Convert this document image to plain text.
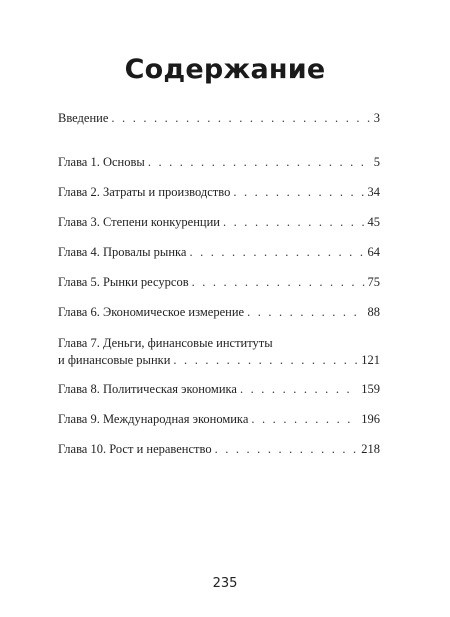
Содержание
Введение . . .	3
Глава 1. Основы . . .	5
Глава 2. Затраты и производство . . .	34
Глава 3. Степени конкуренции . . .	45
Глава 4. Провалы рынка . . .	64
Глава 5. Рынки ресурсов . . .	75
Глава 6. Экономическое измерение . . .	88
Глава 7. Деньги, финансовые институты
и финансовые рынки . . .	121
Глава 8. Политическая экономика . . .	159
Глава 9. Международная экономика . . .	196
Глава 10. Рост и неравенство . . .	218
235
